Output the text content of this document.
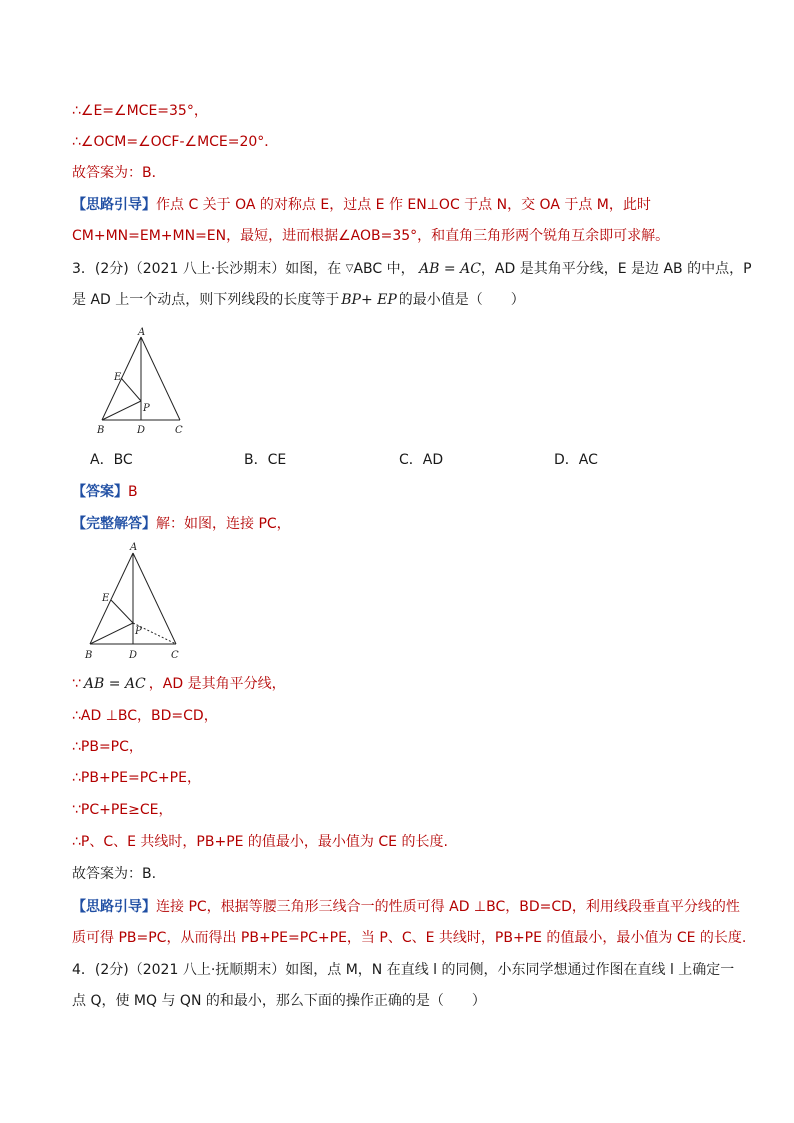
∴∠E=∠MCE=35°，
∴∠OCM=∠OCF-∠MCE=20°．
故答案为：B．
【思路引导】作点 C 关于 OA 的对称点 E，过点 E 作 EN⊥OC 于点 N，交 OA 于点 M，此时
CM+MN=EM+MN=EN，最短，进而根据∠AOB=35°，和直角三角形两个锐角互余即可求解。
3．(2分)（2021 八上·长沙期末）如图，在 ▽ABC 中， AB = AC，AD 是其角平分线，E 是边 AB 的中点，P
是 AD 上一个动点，则下列线段的长度等于 BP+ EP 的最小值是（　　）
A
E
P
B	D	C
A．BC	B．CE	C．AD	D．AC
【答案】B
【完整解答】解：如图，连接 PC，
A
E
P
B	D	C
∵ AB = AC ，AD 是其角平分线，
∴AD ⊥BC，BD=CD，
∴PB=PC，
∴PB+PE=PC+PE，
∵PC+PE≥CE，
∴P、C、E 共线时，PB+PE 的值最小，最小值为 CE 的长度.
故答案为：B.
【思路引导】连接 PC，根据等腰三角形三线合一的性质可得 AD ⊥BC，BD=CD，利用线段垂直平分线的性
质可得 PB=PC，从而得出 PB+PE=PC+PE，当 P、C、E 共线时，PB+PE 的值最小，最小值为 CE 的长度.
4．(2分)（2021 八上·抚顺期末）如图，点 M，N 在直线 l 的同侧，小东同学想通过作图在直线 l 上确定一
点 Q，使 MQ 与 QN 的和最小，那么下面的操作正确的是（　　）
